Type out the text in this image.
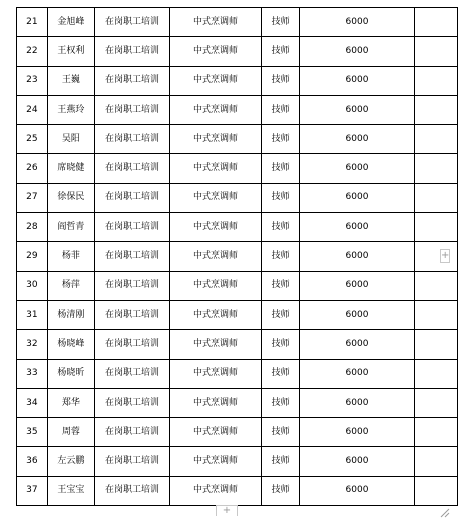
21	金旭峰	在岗职工培训	中式烹调师	技师	6000	
22	王权利	在岗职工培训	中式烹调师	技师	6000	
23	王巍	在岗职工培训	中式烹调师	技师	6000	
24	王燕玲	在岗职工培训	中式烹调师	技师	6000	
25	吴阳	在岗职工培训	中式烹调师	技师	6000	
26	席晓健	在岗职工培训	中式烹调师	技师	6000	
27	徐保民	在岗职工培训	中式烹调师	技师	6000	
28	阎哲青	在岗职工培训	中式烹调师	技师	6000	
29	杨菲	在岗职工培训	中式烹调师	技师	6000	
30	杨萍	在岗职工培训	中式烹调师	技师	6000	
31	杨清刚	在岗职工培训	中式烹调师	技师	6000	
32	杨晓峰	在岗职工培训	中式烹调师	技师	6000	
33	杨晓昕	在岗职工培训	中式烹调师	技师	6000	
34	郑华	在岗职工培训	中式烹调师	技师	6000	
35	周蓉	在岗职工培训	中式烹调师	技师	6000	
36	左云鹏	在岗职工培训	中式烹调师	技师	6000	
37	王宝宝	在岗职工培训	中式烹调师	技师	6000	
+
+
